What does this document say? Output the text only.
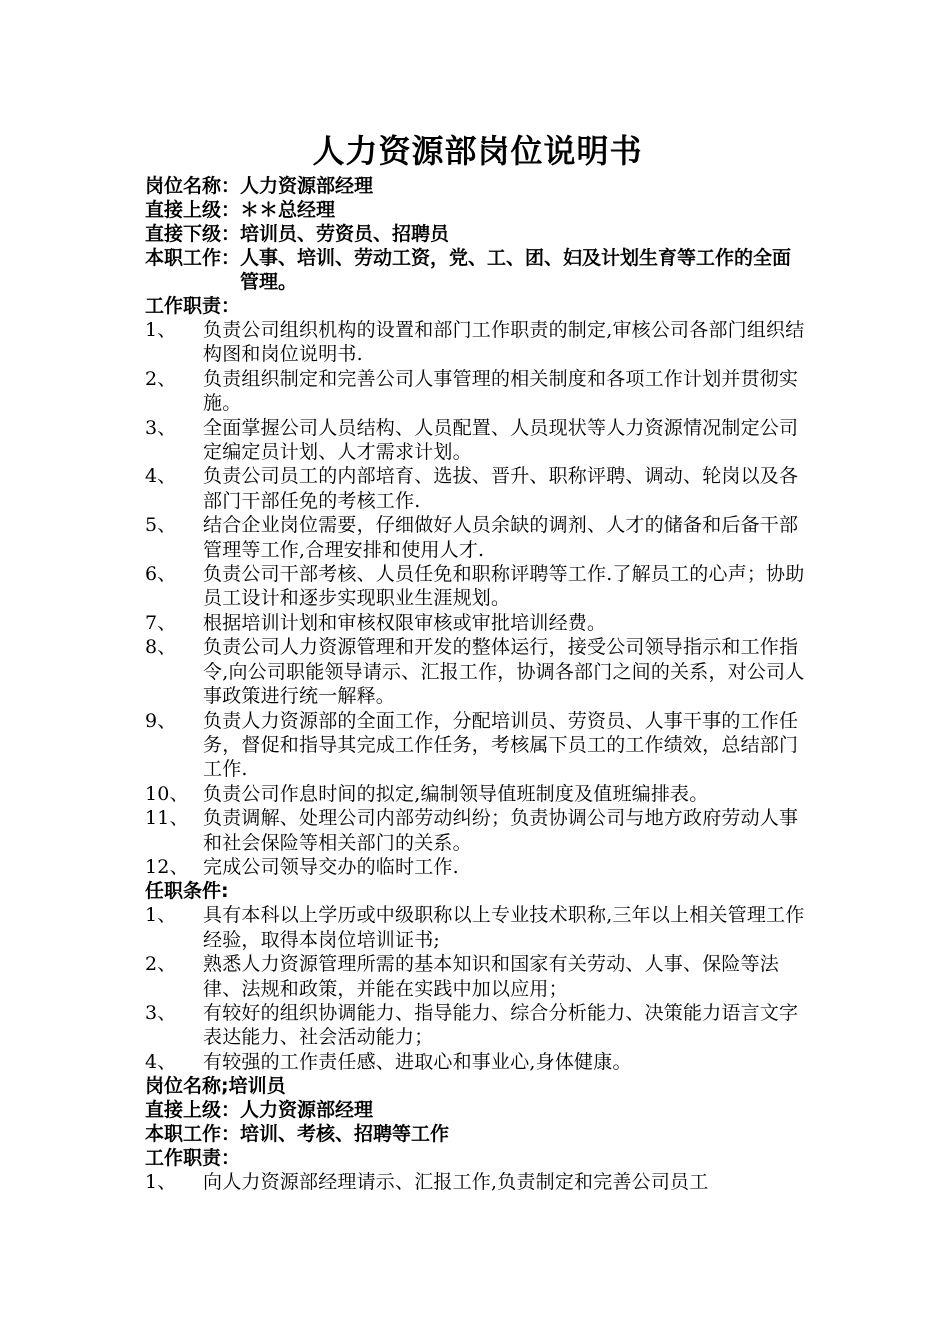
人力资源部岗位说明书
岗位名称： 人力资源部经理
直接上级： ＊＊总经理
直接下级： 培训员、劳资员、招聘员
本职工作： 人事、培训、劳动工资，党、工、团、妇及计划生育等工作的全面管理。
工作职责：
1、	负责公司组织机构的设置和部门工作职责的制定,审核公司各部门组织结构图和岗位说明书.
2、	负责组织制定和完善公司人事管理的相关制度和各项工作计划并贯彻实施。
3、	全面掌握公司人员结构、人员配置、人员现状等人力资源情况制定公司定编定员计划、人才需求计划。
4、	负责公司员工的内部培育、选拔、晋升、职称评聘、调动、轮岗以及各部门干部任免的考核工作.
5、	结合企业岗位需要，仔细做好人员余缺的调剂、人才的储备和后备干部管理等工作,合理安排和使用人才.
6、	负责公司干部考核、人员任免和职称评聘等工作.了解员工的心声；协助员工设计和逐步实现职业生涯规划。
7、	根据培训计划和审核权限审核或审批培训经费。
8、	负责公司人力资源管理和开发的整体运行，接受公司领导指示和工作指令,向公司职能领导请示、汇报工作，协调各部门之间的关系，对公司人事政策进行统一解释。
9、	负责人力资源部的全面工作，分配培训员、劳资员、人事干事的工作任务，督促和指导其完成工作任务，考核属下员工的工作绩效，总结部门工作.
10、 负责公司作息时间的拟定,编制领导值班制度及值班编排表。
11、 负责调解、处理公司内部劳动纠纷；负责协调公司与地方政府劳动人事和社会保险等相关部门的关系。
12、 完成公司领导交办的临时工作.
任职条件:
1、	具有本科以上学历或中级职称以上专业技术职称,三年以上相关管理工作经验，取得本岗位培训证书;
2、	熟悉人力资源管理所需的基本知识和国家有关劳动、人事、保险等法律、法规和政策，并能在实践中加以应用；
3、	有较好的组织协调能力、指导能力、综合分析能力、决策能力语言文字表达能力、社会活动能力；
4、	有较强的工作责任感、进取心和事业心,身体健康。
岗位名称; 培训员
直接上级： 人力资源部经理
本职工作： 培训、考核、招聘等工作
工作职责：
1、	向人力资源部经理请示、汇报工作,负责制定和完善公司员工
